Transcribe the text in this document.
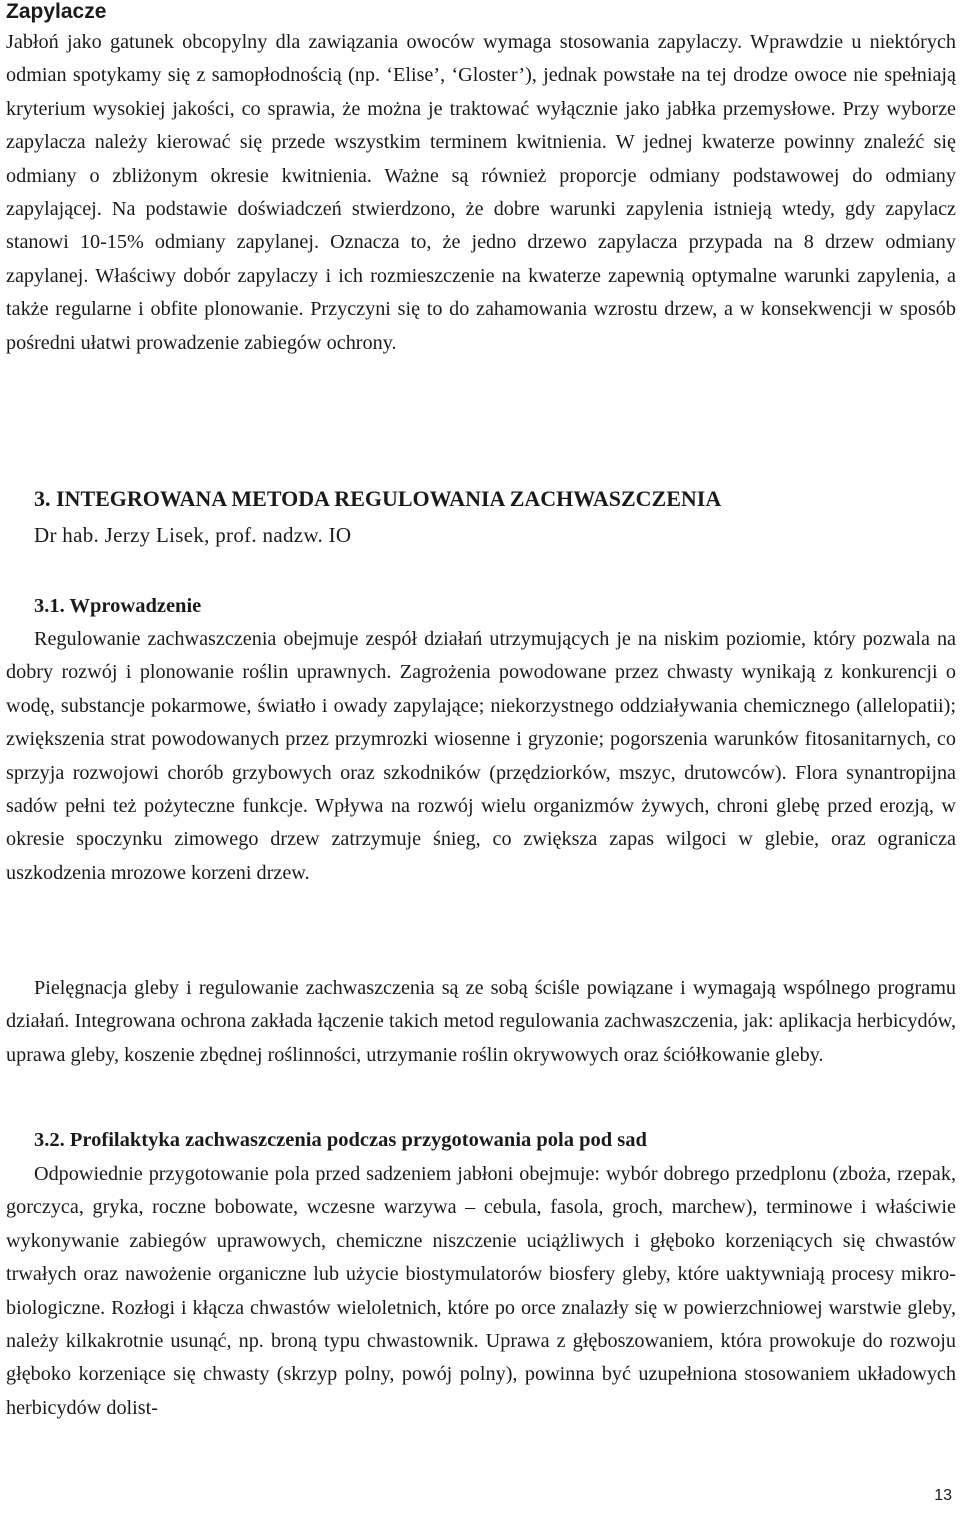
Zapylacze

Jabłoń jako gatunek obcopylny dla zawiązania owoców wymaga stosowania zapylaczy. Wprawdzie u niektórych odmian spotykamy się z samopłodnością (np. ‘Elise’, ‘Gloster’), jednak powstałe na tej drodze owoce nie spełniają kryterium wysokiej jakości, co sprawia, że można je traktować wyłącznie jako jabłka przemysłowe. Przy wyborze zapylacza należy kierować się przede wszystkim terminem kwitnienia. W jednej kwaterze powinny znaleźć się odmiany o zbliżonym okresie kwitnienia. Ważne są również proporcje odmiany podstawowej do odmiany zapylającej. Na podstawie doświadczeń stwierdzono, że dobre warunki zapylenia istnieją wtedy, gdy zapylacz stanowi 10-15% odmiany zapylanej. Oznacza to, że jedno drzewo zapylacza przypada na 8 drzew odmiany zapylanej. Właściwy dobór zapylaczy i ich rozmieszczenie na kwaterze zapewnią optymalne warunki zapylenia, a także regularne i obfite plonowanie. Przyczyni się to do zahamowania wzrostu drzew, a w konsekwencji w sposób pośredni ułatwi prowadzenie zabiegów ochrony.

3. INTEGROWANA METODA REGULOWANIA ZACHWASZCZENIA
Dr hab. Jerzy Lisek, prof. nadzw. IO
3.1. Wprowadzenie

Regulowanie zachwaszczenia obejmuje zespół działań utrzymujących je na niskim poziomie, który pozwala na dobry rozwój i plonowanie roślin uprawnych. Zagrożenia powodowane przez chwasty wynikają z konkurencji o wodę, substancje pokarmowe, światło i owady zapylające; niekorzystnego oddziaływania chemicznego (allelopatii); zwiększenia strat powodowanych przez przymrozki wiosenne i gryzonie; pogorszenia warunków fitosanitarnych, co sprzyja rozwojowi chorób grzybowych oraz szkodników (przędziorków, mszyc, drutowców). Flora synantropijna sadów pełni też pożyteczne funkcje. Wpływa na rozwój wielu organizmów żywych, chroni glebę przed erozją, w okresie spoczynku zimowego drzew zatrzymuje śnieg, co zwiększa zapas wilgoci w glebie, oraz ogranicza uszkodzenia mrozowe korzeni drzew.

Pielęgnacja gleby i regulowanie zachwaszczenia są ze sobą ściśle powiązane i wymagają wspólnego programu działań. Integrowana ochrona zakłada łączenie takich metod regulowania zachwaszczenia, jak: aplikacja herbicydów, uprawa gleby, koszenie zbędnej roślinności, utrzymanie roślin okrywowych oraz ściółkowanie gleby.

3.2. Profilaktyka zachwaszczenia podczas przygotowania pola pod sad

Odpowiednie przygotowanie pola przed sadzeniem jabłoni obejmuje: wybór dobrego przedplonu (zboża, rzepak, gorczyca, gryka, roczne bobowate, wczesne warzywa – cebula, fasola, groch, marchew), terminowe i właściwie wykonywanie zabiegów uprawowych, chemiczne niszczenie uciążliwych i głęboko korzeniących się chwastów trwałych oraz nawożenie organiczne lub użycie biostymulatorów biosfery gleby, które uaktywniają procesy mikrobiologiczne. Rozłogi i kłącza chwastów wieloletnich, które po orce znalazły się w powierzchniowej warstwie gleby, należy kilkakrotnie usunąć, np. broną typu chwastownik. Uprawa z głęboszowaniem, która prowokuje do rozwoju głęboko korzeniące się chwasty (skrzyp polny, powój polny), powinna być uzupełniona stosowaniem układowych herbicydów dolist-

13
